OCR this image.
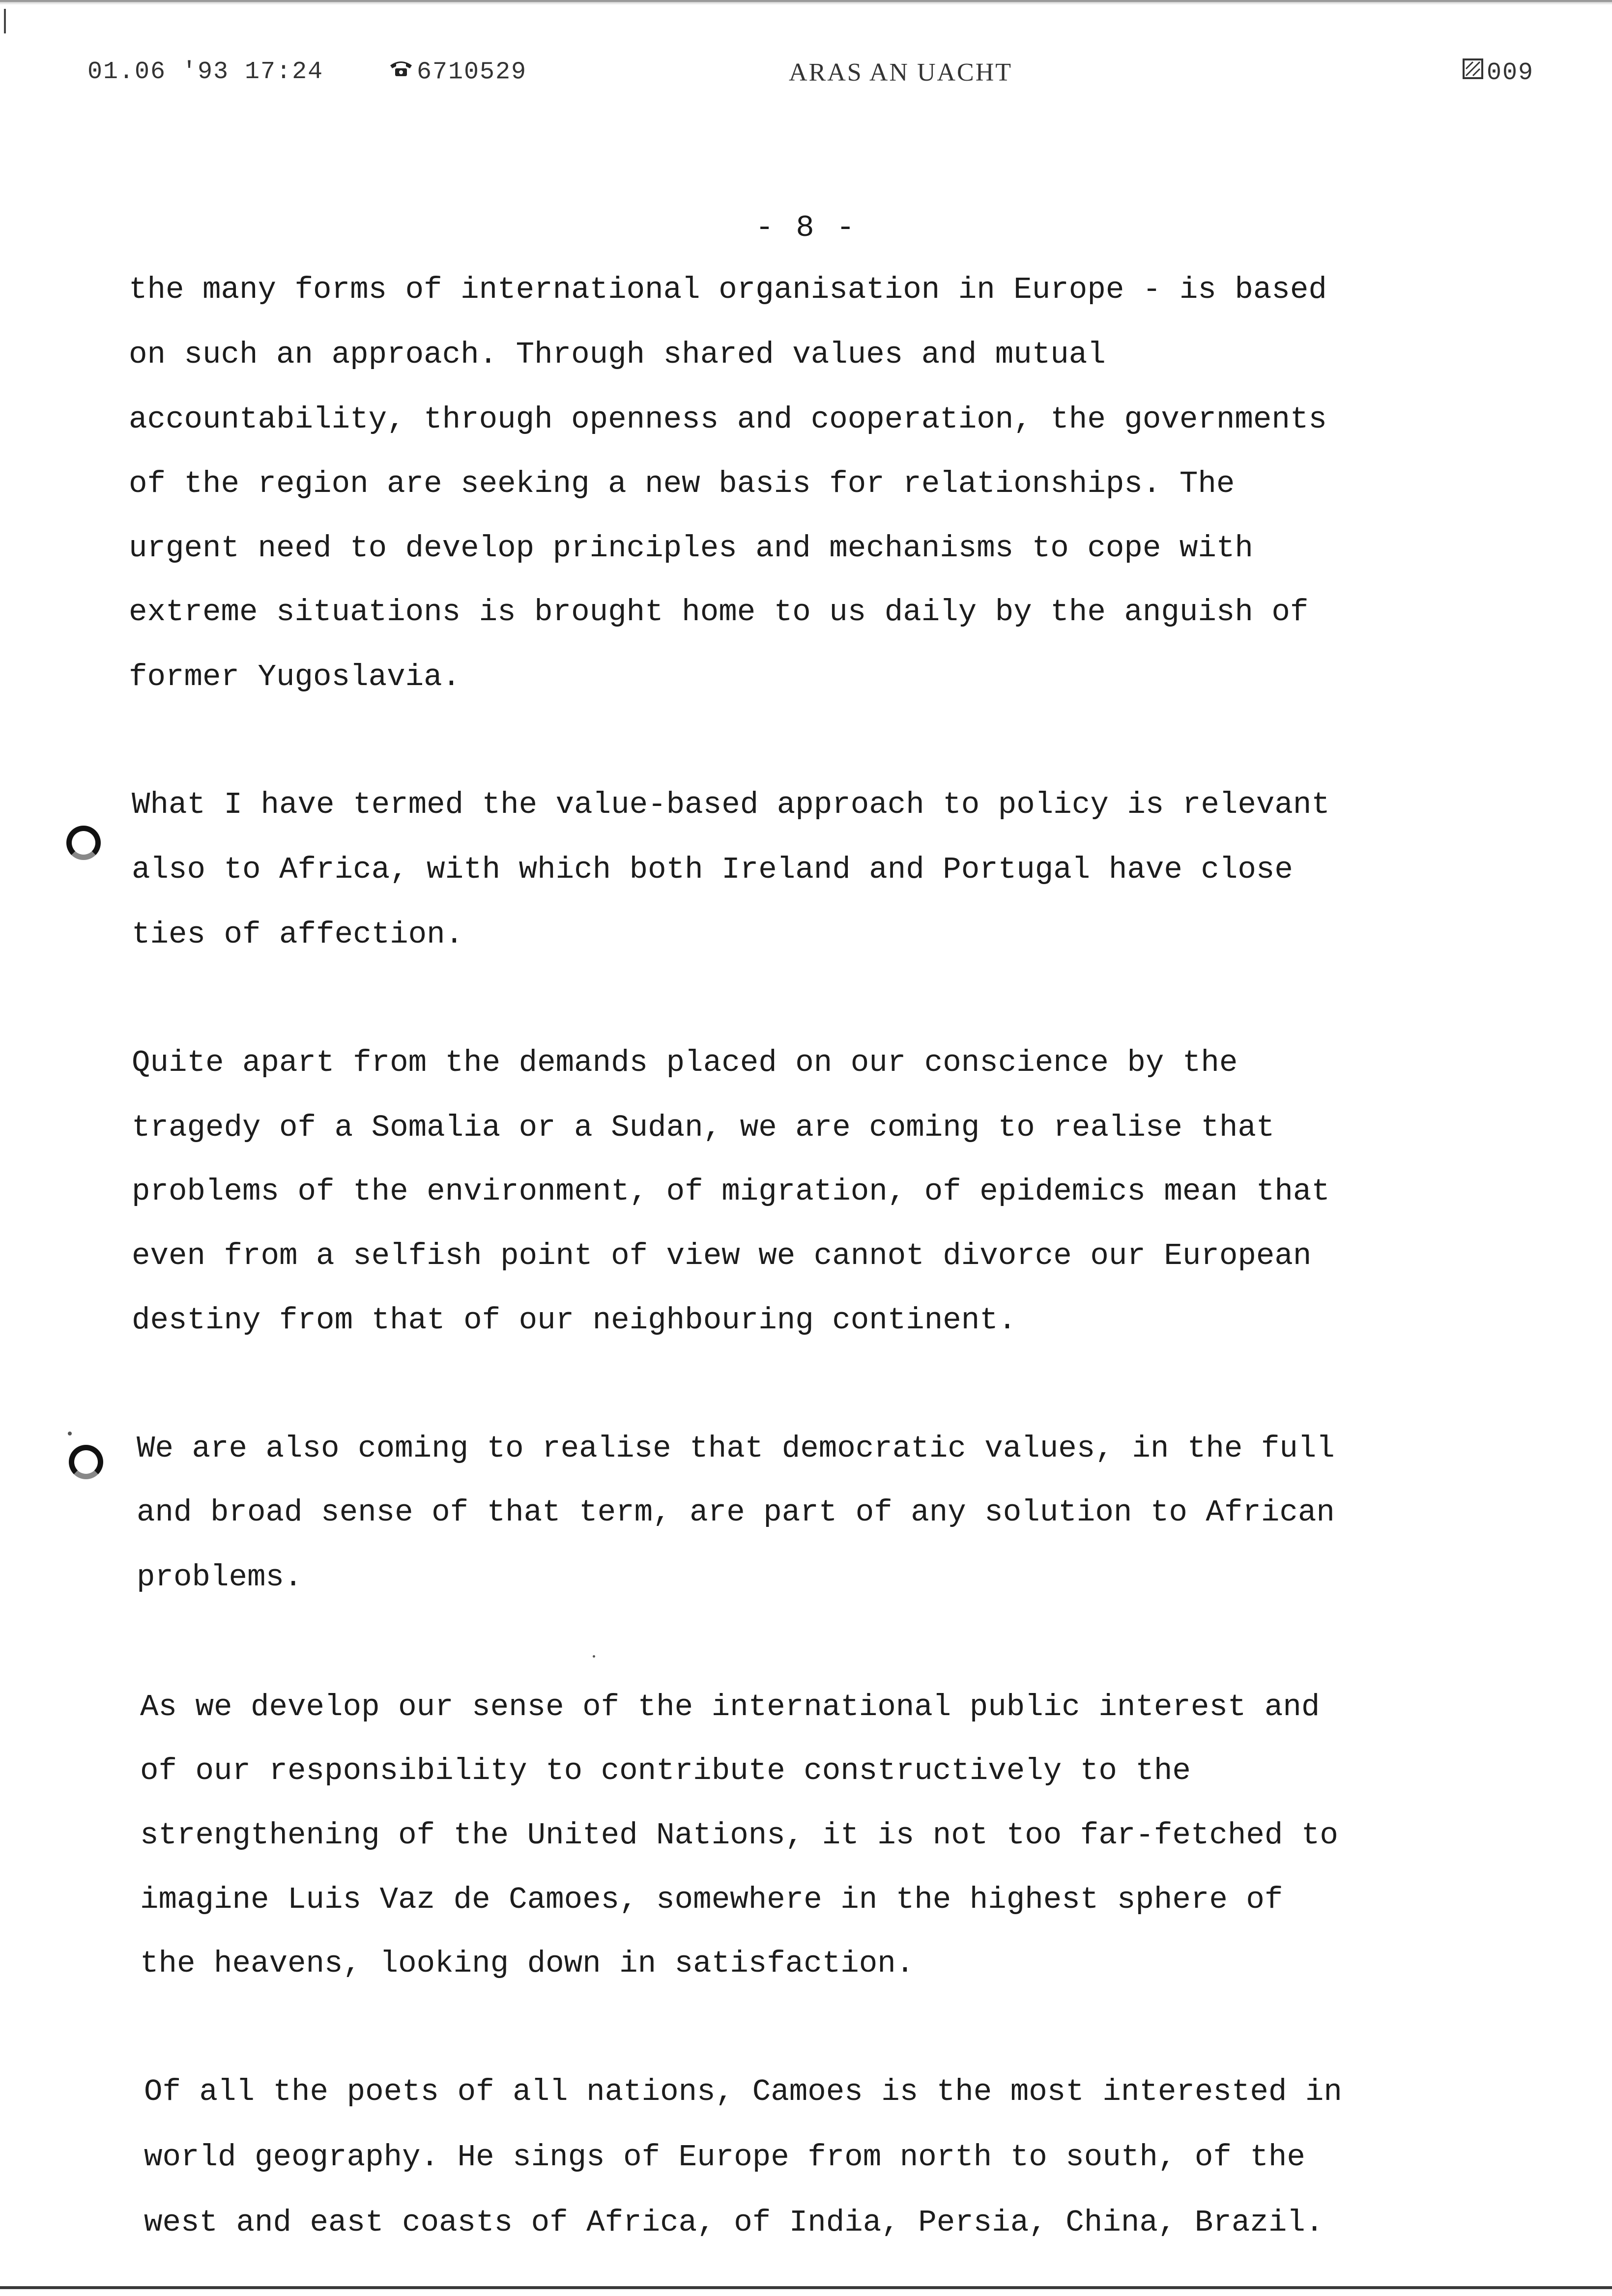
01.06 '93 17:24	6710529	ARAS AN UACHT	009
- 8 -
the many forms of international organisation in Europe - is based
on such an approach. Through shared values and mutual
accountability, through openness and cooperation, the governments
of the region are seeking a new basis for relationships. The
urgent need to develop principles and mechanisms to cope with
extreme situations is brought home to us daily by the anguish of
former Yugoslavia.
What I have termed the value-based approach to policy is relevant
also to Africa, with which both Ireland and Portugal have close
ties of affection.
Quite apart from the demands placed on our conscience by the
tragedy of a Somalia or a Sudan, we are coming to realise that
problems of the environment, of migration, of epidemics mean that
even from a selfish point of view we cannot divorce our European
destiny from that of our neighbouring continent.
We are also coming to realise that democratic values, in the full
and broad sense of that term, are part of any solution to African
problems.
As we develop our sense of the international public interest and
of our responsibility to contribute constructively to the
strengthening of the United Nations, it is not too far-fetched to
imagine Luis Vaz de Camoes, somewhere in the highest sphere of
the heavens, looking down in satisfaction.
Of all the poets of all nations, Camoes is the most interested in
world geography. He sings of Europe from north to south, of the
west and east coasts of Africa, of India, Persia, China, Brazil.
